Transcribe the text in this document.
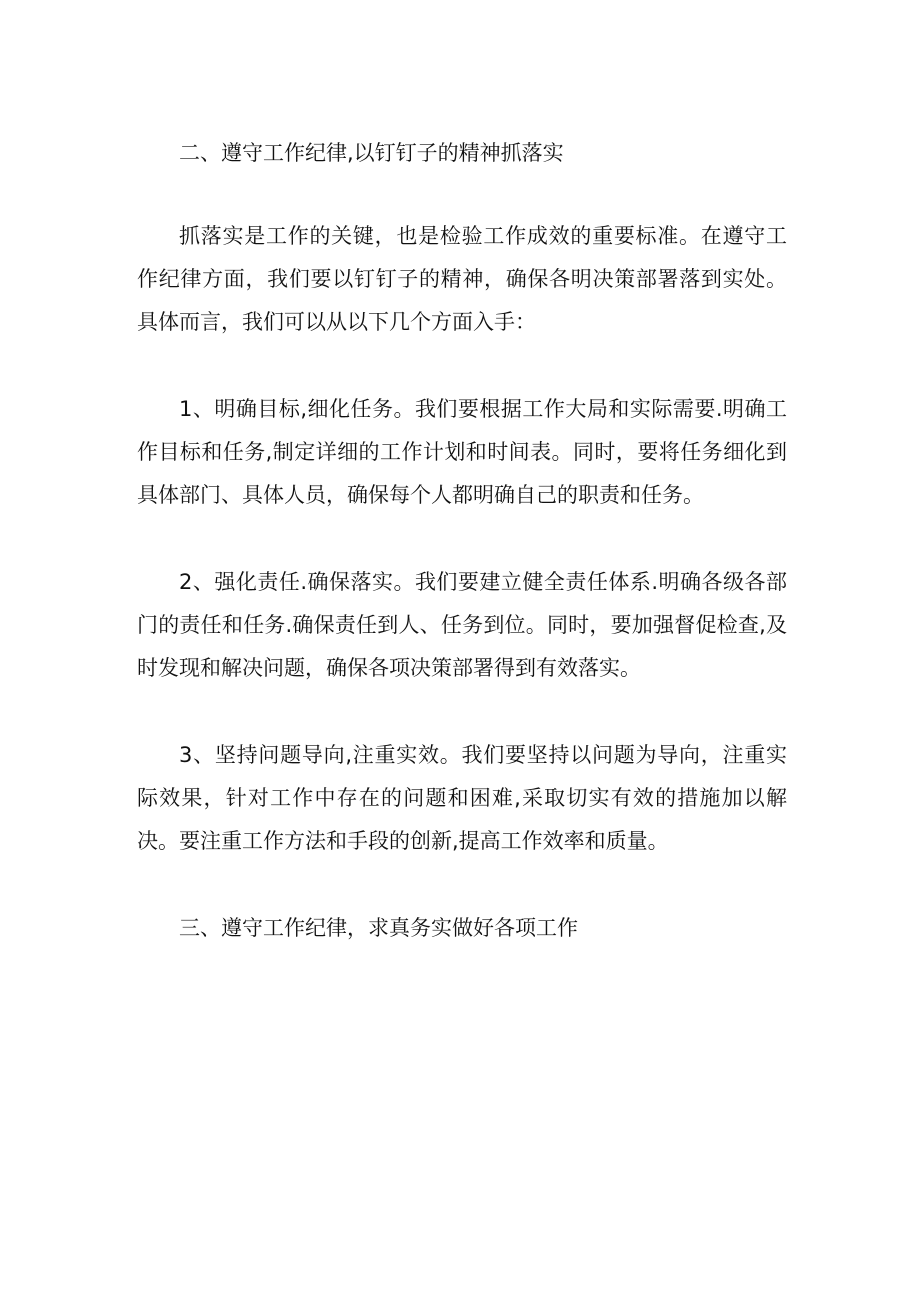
二、遵守工作纪律,以钉钉子的精神抓落实

抓落实是工作的关键，也是检验工作成效的重要标准。在遵守工作纪律方面，我们要以钉钉子的精神，确保各明决策部署落到实处。具体而言，我们可以从以下几个方面入手：

1、明确目标,细化任务。我们要根据工作大局和实际需要.明确工作目标和任务,制定详细的工作计划和时间表。同时，要将任务细化到具体部门、具体人员，确保每个人都明确自己的职责和任务。

2、强化责任.确保落实。我们要建立健全责任体系.明确各级各部门的责任和任务.确保责任到人、任务到位。同时，要加强督促检查,及时发现和解决问题，确保各项决策部署得到有效落实。

3、坚持问题导向,注重实效。我们要坚持以问题为导向，注重实际效果，针对工作中存在的问题和困难,采取切实有效的措施加以解决。要注重工作方法和手段的创新,提高工作效率和质量。

三、遵守工作纪律，求真务实做好各项工作
